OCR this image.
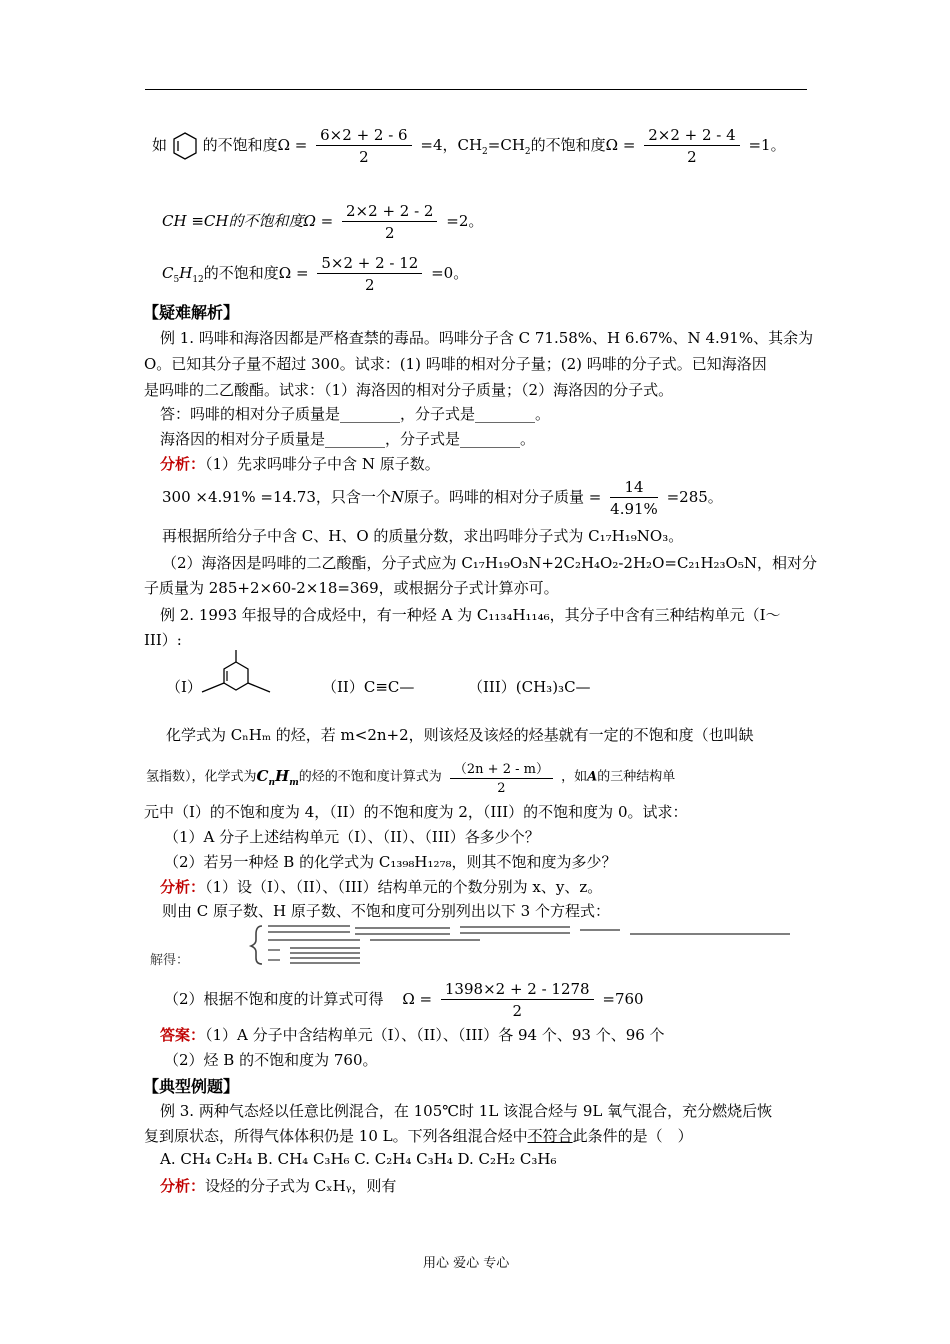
如 的不饱和度$\Omega = \frac{6\times 2 + 2 - 6}{2} =4$，$CH_2=CH_2$的不饱和度$\Omega = \frac{2\times 2 + 2 - 4}{2} =1$。
CH ≡CH的不饱和度$\Omega = \frac{2\times 2 + 2 - 2}{2} =2$。
$C_5H_{12}$的不饱和度$\Omega = \frac{5\times 2 + 2 - 12}{2} =0$。
【疑难解析】
例 1. 吗啡和海洛因都是严格查禁的毒品。吗啡分子含 C 71.58%、H 6.67%、N 4.91%、其余为
O。已知其分子量不超过 300。试求：(1) 吗啡的相对分子量；(2) 吗啡的分子式。已知海洛因
是吗啡的二乙酸酯。试求：（1）海洛因的相对分子质量；（2）海洛因的分子式。
答：吗啡的相对分子质量是________，分子式是________。
海洛因的相对分子质量是________，分子式是________。
分析：（1）先求吗啡分子中含 N 原子数。
300 ×4.91% =14.73，只含一个N原子。吗啡的相对分子质量 = $\frac{14}{4.91\%} =285$。
再根据所给分子中含 C、H、O 的质量分数，求出吗啡分子式为 C₁₇H₁₉NO₃。
（2）海洛因是吗啡的二乙酸酯，分子式应为 C₁₇H₁₉O₃N+2C₂H₄O₂-2H₂O=C₂₁H₂₃O₅N，相对分
子质量为 285+2×60-2×18=369，或根据分子式计算亦可。
例 2. 1993 年报导的合成烃中，有一种烃 A 为 C₁₁₃₄H₁₁₄₆，其分子中含有三种结构单元（I～
III）:
（I）	（II）C≡C—	（III）(CH₃)₃C—
化学式为 CₙHₘ 的烃，若 m<2n+2，则该烃及该烃的烃基就有一定的不饱和度（也叫缺
氢指数），化学式为$C_nH_m$的烃的不饱和度计算式为 $\frac{(2n + 2 - m)}{2}$ ，如A的三种结构单
元中（I）的不饱和度为 4，（II）的不饱和度为 2，（III）的不饱和度为 0。试求：
（1）A 分子上述结构单元（I）、（II）、（III）各多少个？
（2）若另一种烃 B 的化学式为 C₁₃₉₈H₁₂₇₈，则其不饱和度为多少？
分析：（1）设（I）、（II）、（III）结构单元的个数分别为 x、y、z。
则由 C 原子数、H 原子数、不饱和度可分别列出以下 3 个方程式：
解得：
（2）根据不饱和度的计算式可得 $\Omega = \frac{1398\times 2 + 2 - 1278}{2} =760$
答案：（1）A 分子中含结构单元（I）、（II）、（III）各 94 个、93 个、96 个
（2）烃 B 的不饱和度为 760。
【典型例题】
例 3. 两种气态烃以任意比例混合，在 105℃时 1L 该混合烃与 9L 氧气混合，充分燃烧后恢
复到原状态，所得气体体积仍是 10 L。下列各组混合烃中不符合此条件的是（　）
A. CH₄ C₂H₄ B. CH₄ C₃H₆ C. C₂H₄ C₃H₄ D. C₂H₂ C₃H₆
分析：设烃的分子式为 CₓHᵧ，则有
用心 爱心 专心
